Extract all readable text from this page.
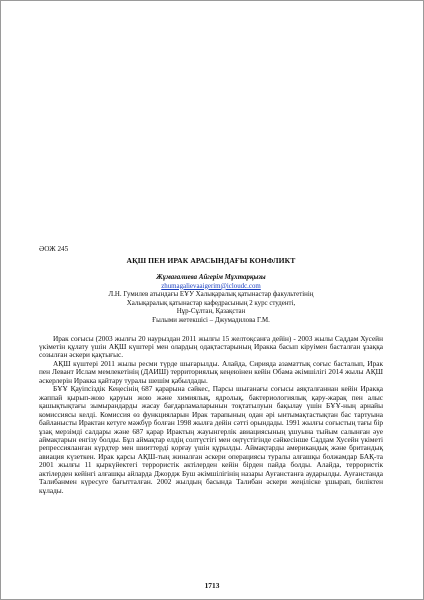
ӘОЖ 245
АҚШ ПЕН ИРАК АРАСЫНДАҒЫ КОНФЛИКТ
Жұмағалиева Айгерім Мұхтарқызы
zhumagalievaaigerim@icloudc.com
Л.Н. Гумилев атындағы ЕҰУ Халықаралық қатынастар факультетінің
Халықаралық қатынастар кафедрасының 2 курс студенті,
Нұр-Сұлтан, Қазақстан
Ғылыми жетекшісі – Джумадилова Г.М.

Ирак соғысы (2003 жылғы 20 наурыздан 2011 жылғы 15 желтоқсанға дейін) - 2003 жылы Саддам Хусейн үкіметін құлату үшін АҚШ күштері мен олардың одақтастарының Иракка басып кіруімен басталған ұзаққа созылған әскери қақтығыс.

АҚШ күштері 2011 жылы ресми түрде шығарылды. Алайда, Сирияда азаматтық соғыс басталып, Ирак пен Левант Ислам мемлекетінің (ДАИШ) территориялық кеңеюінен кейін Обама әкімшілігі 2014 жылы АҚШ әскерлерін Иракка қайтару туралы шешім қабылдады.

БҰҰ Қауіпсіздік Кеңесінің 687 қарарына сәйкес, Парсы шығанағы соғысы аяқталғаннан кейін Иракқа жаппай қырып-жою қаруын жою және химиялық, ядролық, бактериологиялық қару-жарақ пен алыс қашықтықтағы зымырандарды жасау бағдарламаларынын тоқтатылуын бақылау үшін БҰҰ-ның арнайы комиссиясы келді. Комиссия өз функцияларын Ирак тарапының одан әрі ынтымақтастықтан бас тартуына байланысты Ирактан кетуге мәжбүр болған 1998 жылға дейін сәтті орындады. 1991 жылғы соғыстың тағы бір ұзақ мерзімді салдары және 687 қарар Ирактың жауынгерлік авиациясының ұшуына тыйым салынған әуе аймақтарын енгізу болды. Бұл аймақтар елдің солтүстігі мен оңтүстігінде сәйкесінше Саддам Хусейн үкіметі репрессияланған күрдтер мен шииттерді қорғау үшін құрылды. Аймақтарды американдық және британдық авиация күзеткен. Ирак қарсы АҚШ-тың жиналған әскери операциясы туралы алғашқы болжамдар БАҚ-та 2001 жылғы 11 қыркүйектегі террористік актілерден кейін бірден пайда болды. Алайда, террористік актілерден кейінгі алғашқы айларда Джордж Буш әкімшілігінің назары Ауғанстанға аударылды. Ауғанстанда Талибанмен күресуге бағытталған. 2002 жылдың басында Талибан әскери жеңіліске ұшырап, биліктен кұлады.

1713
